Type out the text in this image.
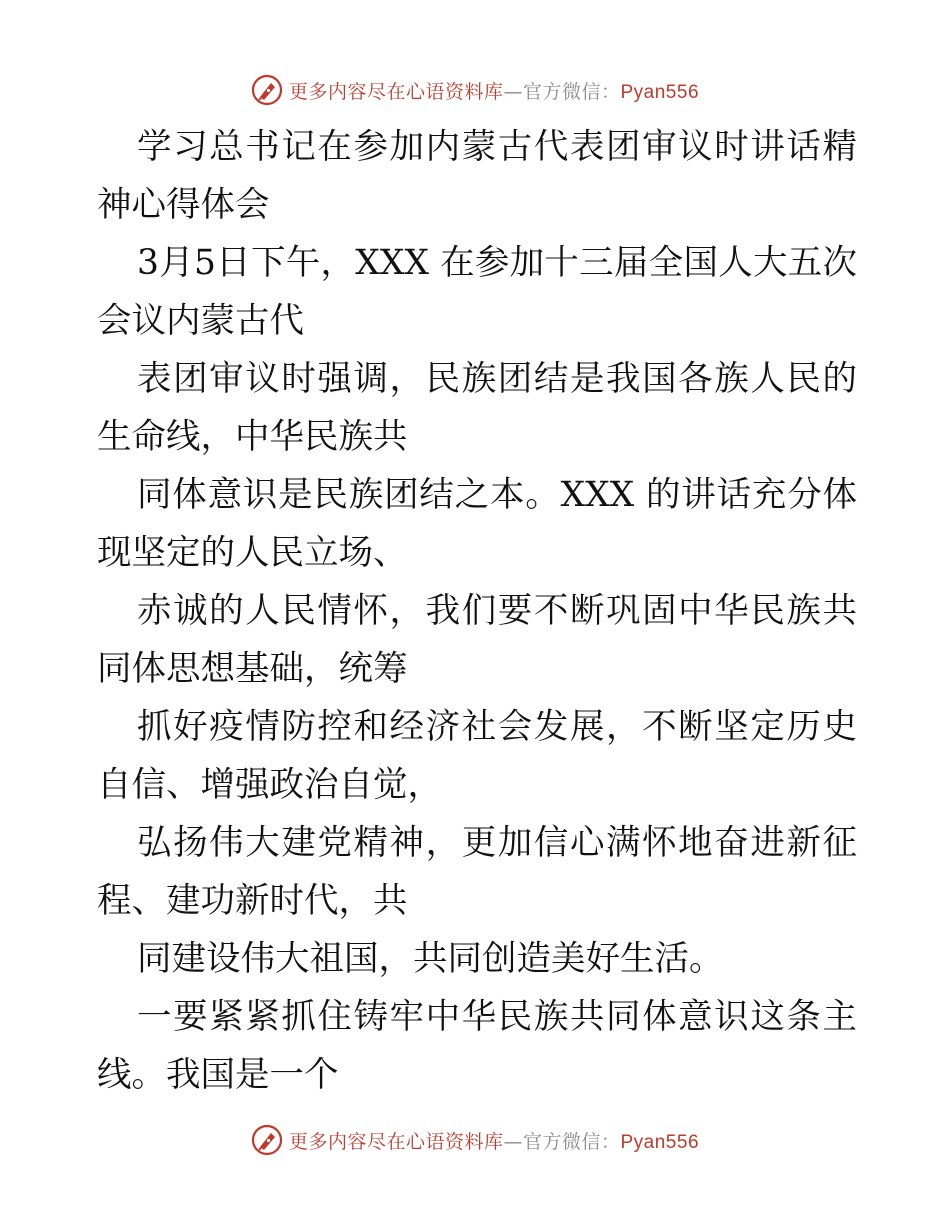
更多内容尽在心语资料库—官方微信：Pyan556

学习总书记在参加内蒙古代表团审议时讲话精神心得体会

3月5日下午，XXX 在参加十三届全国人大五次会议内蒙古代

表团审议时强调，民族团结是我国各族人民的生命线，中华民族共

同体意识是民族团结之本。XXX 的讲话充分体现坚定的人民立场、

赤诚的人民情怀，我们要不断巩固中华民族共同体思想基础，统筹

抓好疫情防控和经济社会发展，不断坚定历史自信、增强政治自觉，

弘扬伟大建党精神，更加信心满怀地奋进新征程、建功新时代，共

同建设伟大祖国，共同创造美好生活。

一要紧紧抓住铸牢中华民族共同体意识这条主线。我国是一个

更多内容尽在心语资料库—官方微信：Pyan556
